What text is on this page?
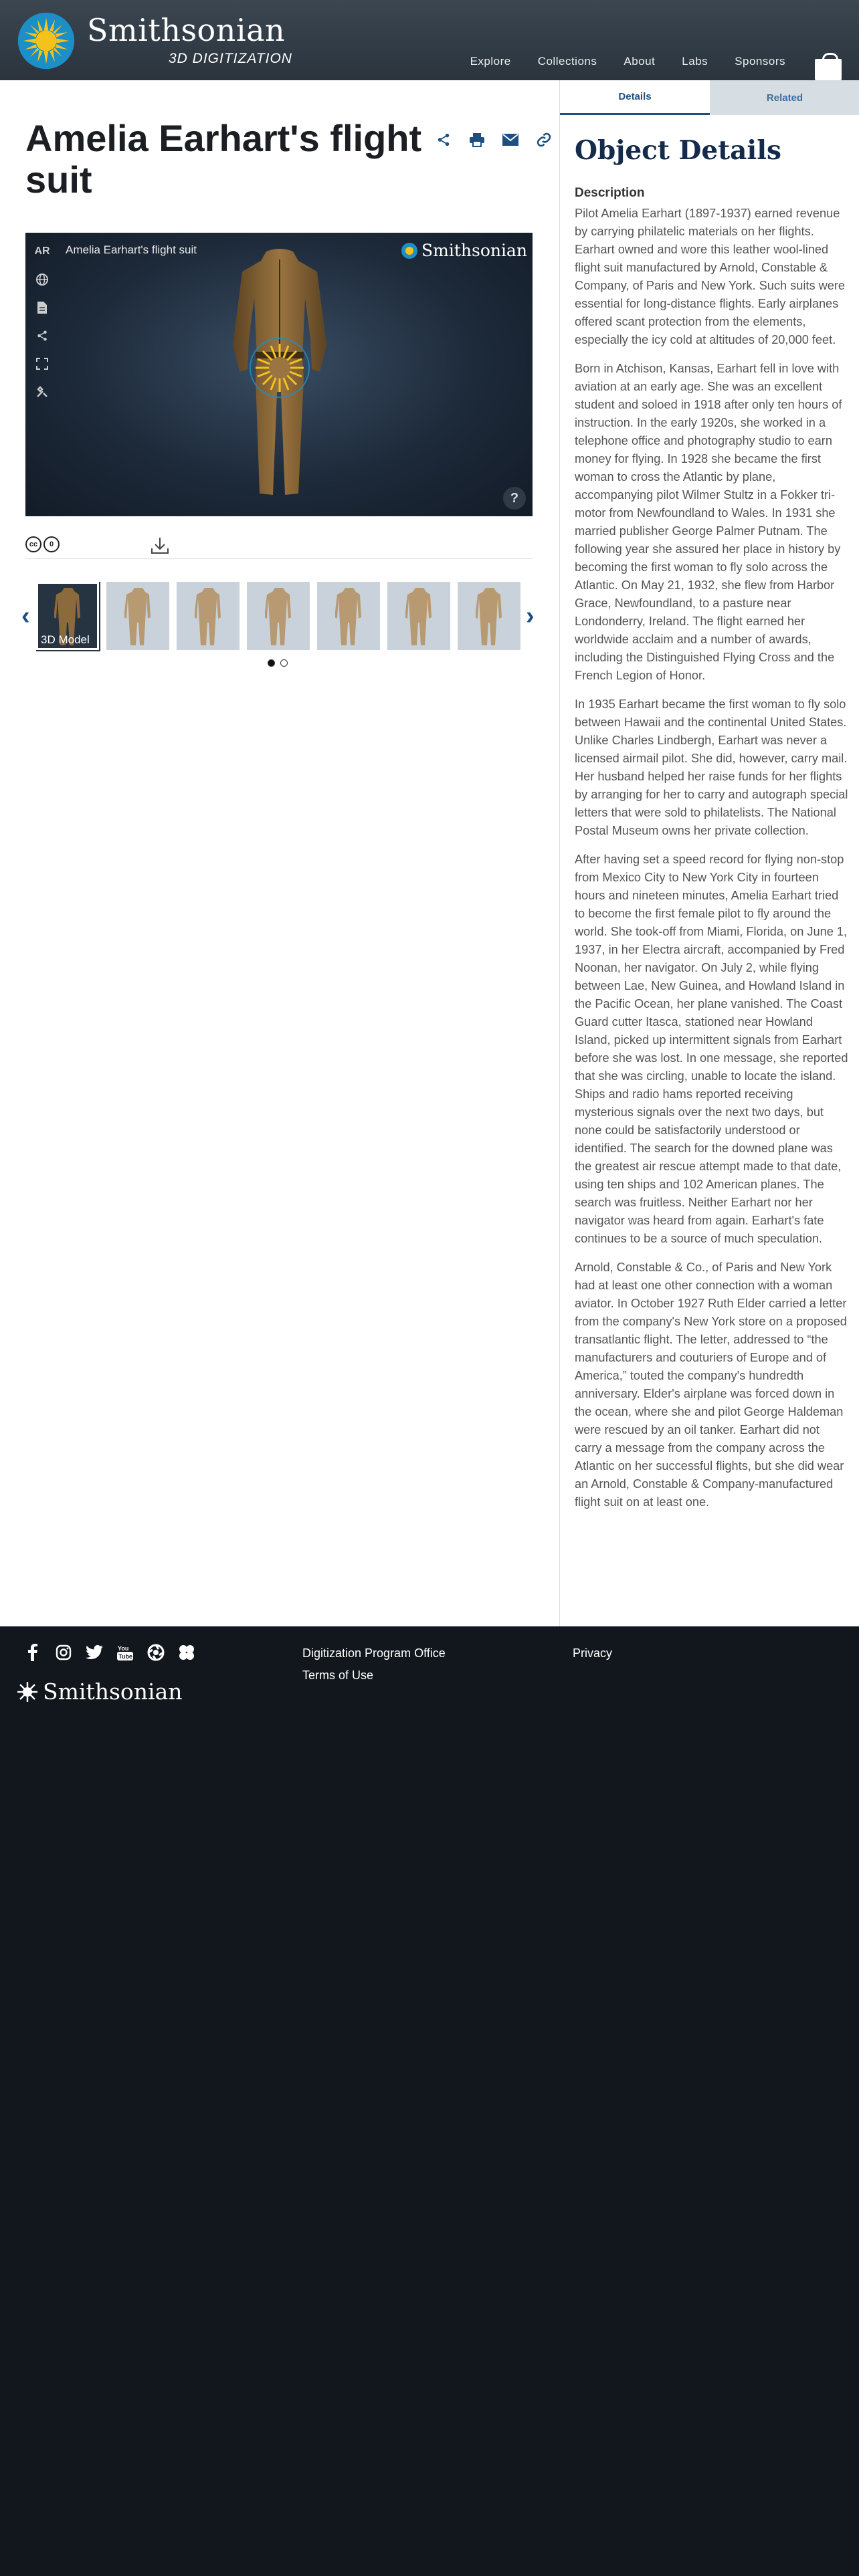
Smithsonian
3D DIGITIZATION	Explore	Collections	About	Labs	Sponsors
Amelia Earhart's flight suit
AR Amelia Earhart's flight suit	Smithsonian
?
cc	0
‹
3D Model
›
Details	Related
Object Details
Description

Pilot Amelia Earhart (1897-1937) earned revenue by carrying philatelic materials on her flights. Earhart owned and wore this leather wool-lined flight suit manufactured by Arnold, Constable & Company, of Paris and New York. Such suits were essential for long-distance flights. Early airplanes offered scant protection from the elements, especially the icy cold at altitudes of 20,000 feet.

Born in Atchison, Kansas, Earhart fell in love with aviation at an early age. She was an excellent student and soloed in 1918 after only ten hours of instruction. In the early 1920s, she worked in a telephone office and photography studio to earn money for flying. In 1928 she became the first woman to cross the Atlantic by plane, accompanying pilot Wilmer Stultz in a Fokker tri-motor from Newfoundland to Wales. In 1931 she married publisher George Palmer Putnam. The following year she assured her place in history by becoming the first woman to fly solo across the Atlantic. On May 21, 1932, she flew from Harbor Grace, Newfoundland, to a pasture near Londonderry, Ireland. The flight earned her worldwide acclaim and a number of awards, including the Distinguished Flying Cross and the French Legion of Honor.

In 1935 Earhart became the first woman to fly solo between Hawaii and the continental United States. Unlike Charles Lindbergh, Earhart was never a licensed airmail pilot. She did, however, carry mail. Her husband helped her raise funds for her flights by arranging for her to carry and autograph special letters that were sold to philatelists. The National Postal Museum owns her private collection.

After having set a speed record for flying non-stop from Mexico City to New York City in fourteen hours and nineteen minutes, Amelia Earhart tried to become the first female pilot to fly around the world. She took-off from Miami, Florida, on June 1, 1937, in her Electra aircraft, accompanied by Fred Noonan, her navigator. On July 2, while flying between Lae, New Guinea, and Howland Island in the Pacific Ocean, her plane vanished. The Coast Guard cutter Itasca, stationed near Howland Island, picked up intermittent signals from Earhart before she was lost. In one message, she reported that she was circling, unable to locate the island. Ships and radio hams reported receiving mysterious signals over the next two days, but none could be satisfactorily understood or identified. The search for the downed plane was the greatest air rescue attempt made to that date, using ten ships and 102 American planes. The search was fruitless. Neither Earhart nor her navigator was heard from again. Earhart's fate continues to be a source of much speculation.

Arnold, Constable & Co., of Paris and New York had at least one other connection with a woman aviator. In October 1927 Ruth Elder carried a letter from the company's New York store on a proposed transatlantic flight. The letter, addressed to “the manufacturers and couturiers of Europe and of America,” touted the company's hundredth anniversary. Elder's airplane was forced down in the ocean, where she and pilot George Haldeman were rescued by an oil tanker. Earhart did not carry a message from the company across the Atlantic on her successful flights, but she did wear an Arnold, Constable & Company-manufactured flight suit on at least one.

You
Tube
Smithsonian
Digitization Program Office
Terms of Use
Privacy
